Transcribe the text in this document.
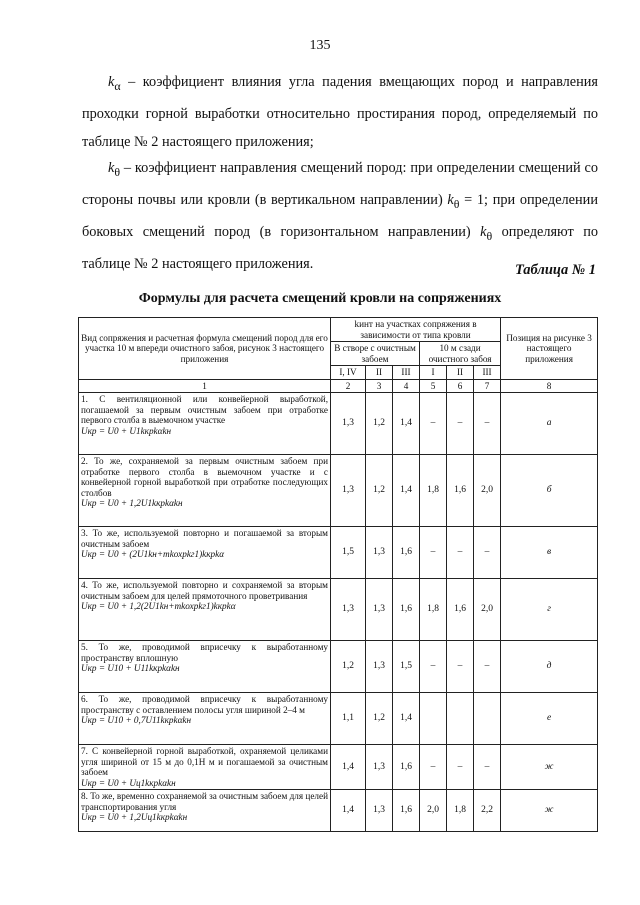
135
$k_\alpha$ – коэффициент влияния угла падения вмещающих пород и направления проходки горной выработки относительно простирания пород, определяемый по таблице № 2 настоящего приложения;
$k_\theta$ – коэффициент направления смещений пород: при определении смещений со стороны почвы или кровли (в вертикальном направлении) $k_\theta = 1$; при определении боковых смещений пород (в горизонтальном направлении) $k_\theta$ определяют по таблице № 2 настоящего приложения.	Таблица № 1
Формулы для расчета смещений кровли на сопряжениях
Вид сопряжения и расчетная формула смещений пород для его участка 10 м впереди очистного забоя, рисунок 3 настоящего приложения	kинт на участках сопряжения в зависимости от типа кровли						Позиция на рисунке 3 настоящего приложения
	В створе с очистным забоем			10 м сзади очистного забоя			
	I, IV	II	III	I	II	III	
1	2	3	4	5	6	7	8
1. С вентиляционной или конвейерной выработкой, погашаемой за первым очистным забоем при отработке первого столба в выемочном участке
Uкр = U0 + U1kкрkαkн	1,3	1,2	1,4	–	–	–	а
2. То же, сохраняемой за первым очистным забоем при отработке первого столба в выемочном участке и с конвейерной горной выработкой при отработке последующих столбов
Uкр = U0 + 1,2U1kкрkαkн	1,3	1,2	1,4	1,8	1,6	2,0	б
3. То же, используемой повторно и погашаемой за вторым очистным забоем
Uкр = U0 + (2U1kн+mkохрkг1)kкрkα	1,5	1,3	1,6	–	–	–	в
4. То же, используемой повторно и сохраняемой за вторым очистным забоем для целей прямоточного проветривания
Uкр = U0 + 1,2(2U1kн+mkохрkг1)kкрkα	1,3	1,3	1,6	1,8	1,6	2,0	г
5. То же, проводимой вприсечку к выработанному пространству вплошную
Uкр = U10 + U11kкрkαkн	1,2	1,3	1,5	–	–	–	д
6. То же, проводимой вприсечку к выработанному пространству с оставлением полосы угля шириной 2–4 м
Uкр = U10 + 0,7U11kкрkαkн	1,1	1,2	1,4				е
7. С конвейерной горной выработкой, охраняемой целиками угля шириной от 15 м до 0,1H м и погашаемой за очистным забоем
Uкр = U0 + Uц1kкрkαkн	1,4	1,3	1,6	–	–	–	ж
8. То же, временно сохраняемой за очистным забоем для целей транспортирования угля
Uкр = U0 + 1,2Uц1kкрkαkн	1,4	1,3	1,6	2,0	1,8	2,2	ж
